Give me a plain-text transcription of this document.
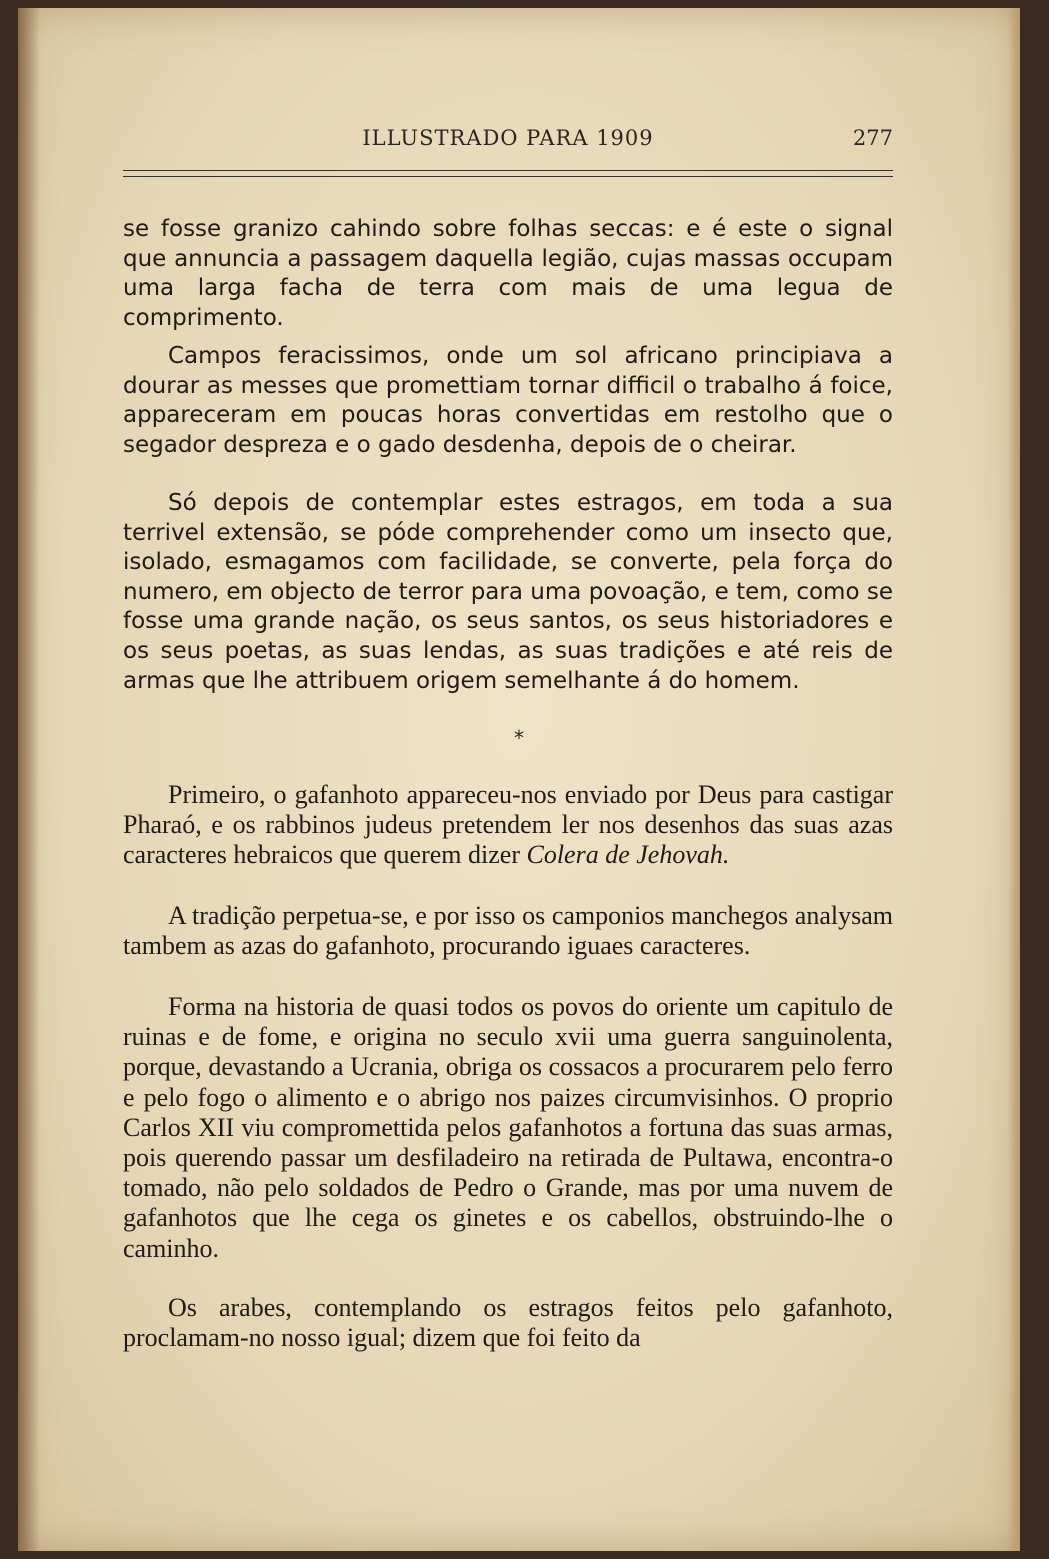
ILLUSTRADO PARA 1909	277

se fosse granizo cahindo sobre folhas seccas: e é este o signal que annuncia a passagem daquella legião, cujas massas occupam uma larga facha de terra com mais de uma legua de comprimento.

Campos feracissimos, onde um sol africano principiava a dourar as messes que promettiam tornar difficil o trabalho á foice, appareceram em poucas horas convertidas em restolho que o segador despreza e o gado desdenha, depois de o cheirar.

Só depois de contemplar estes estragos, em toda a sua terrivel extensão, se póde comprehender como um insecto que, isolado, esmagamos com facilidade, se converte, pela força do numero, em objecto de terror para uma povoação, e tem, como se fosse uma grande nação, os seus santos, os seus historiadores e os seus poetas, as suas lendas, as suas tradições e até reis de armas que lhe attribuem origem semelhante á do homem.

*

Primeiro, o gafanhoto appareceu-nos enviado por Deus para castigar Pharaó, e os rabbinos judeus pretendem ler nos desenhos das suas azas caracteres hebraicos que querem dizer Colera de Jehovah.

A tradição perpetua-se, e por isso os camponios manchegos analysam tambem as azas do gafanhoto, procurando iguaes caracteres.

Forma na historia de quasi todos os povos do oriente um capitulo de ruinas e de fome, e origina no seculo xvii uma guerra sanguinolenta, porque, devastando a Ucrania, obriga os cossacos a procurarem pelo ferro e pelo fogo o alimento e o abrigo nos paizes circumvisinhos. O proprio Carlos XII viu compromettida pelos gafanhotos a fortuna das suas armas, pois querendo passar um desfiladeiro na retirada de Pultawa, encontra-o tomado, não pelo soldados de Pedro o Grande, mas por uma nuvem de gafanhotos que lhe cega os ginetes e os cabellos, obstruindo-lhe o caminho.

Os arabes, contemplando os estragos feitos pelo gafanhoto, proclamam-no nosso igual; dizem que foi feito da
